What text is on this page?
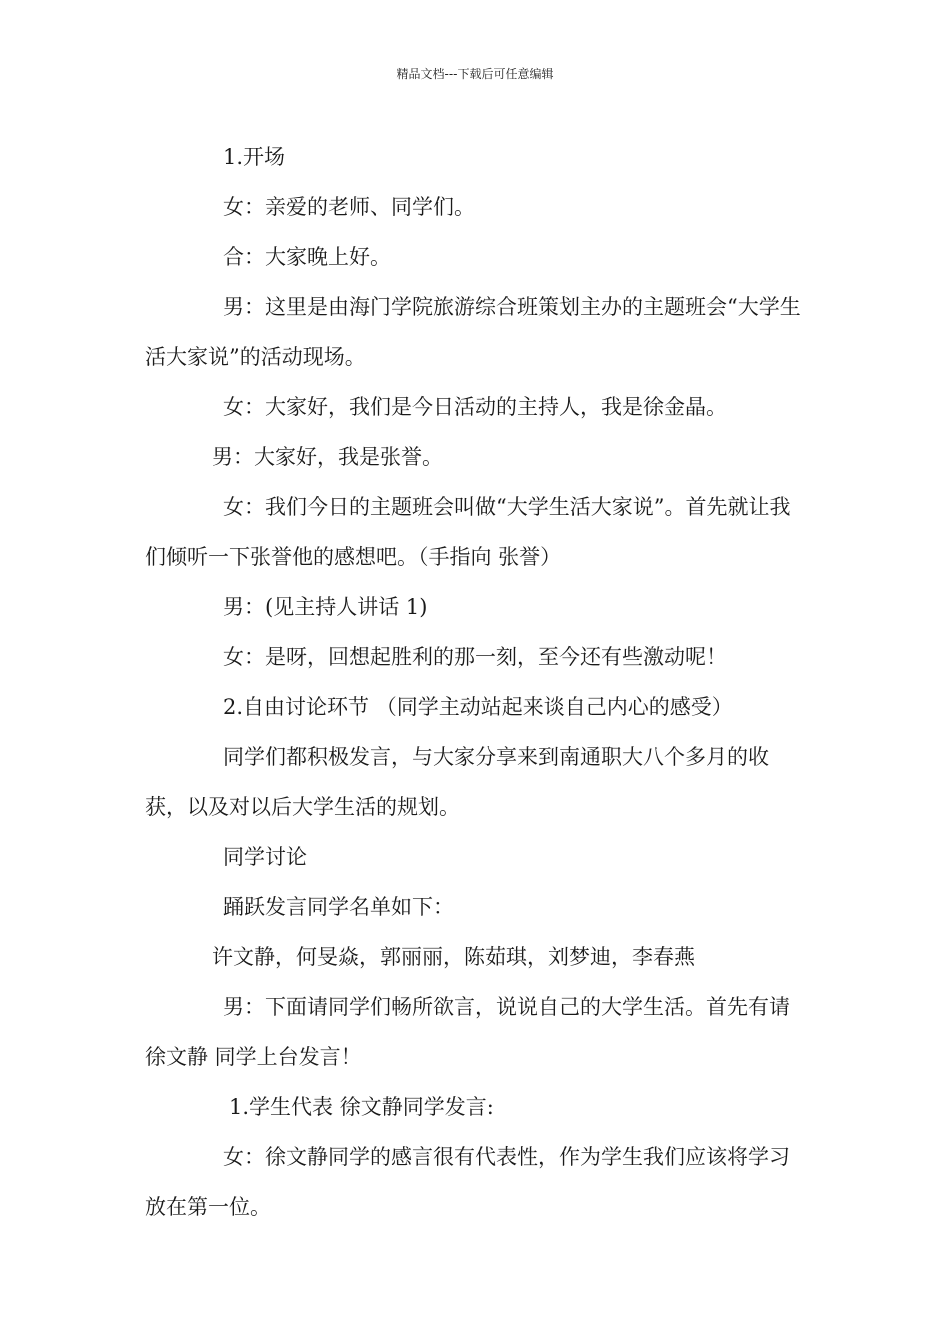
精品文档---下载后可任意编辑

1.开场

女：亲爱的老师、同学们。

合：大家晚上好。

男：这里是由海门学院旅游综合班策划主办的主题班会“大学生活大家说”的活动现场。

女：大家好，我们是今日活动的主持人，我是徐金晶。

男：大家好，我是张誉。

女：我们今日的主题班会叫做“大学生活大家说”。首先就让我们倾听一下张誉他的感想吧。（手指向 张誉）

男：(见主持人讲话 1)

女：是呀，回想起胜利的那一刻，至今还有些激动呢！

2.自由讨论环节 （同学主动站起来谈自己内心的感受）

同学们都积极发言，与大家分享来到南通职大八个多月的收获，以及对以后大学生活的规划。

同学讨论

踊跃发言同学名单如下：

许文静，何旻焱，郭丽丽，陈茹琪，刘梦迪，李春燕

男：下面请同学们畅所欲言，说说自己的大学生活。首先有请徐文静 同学上台发言！

1.学生代表 徐文静同学发言:

女：徐文静同学的感言很有代表性，作为学生我们应该将学习放在第一位。
